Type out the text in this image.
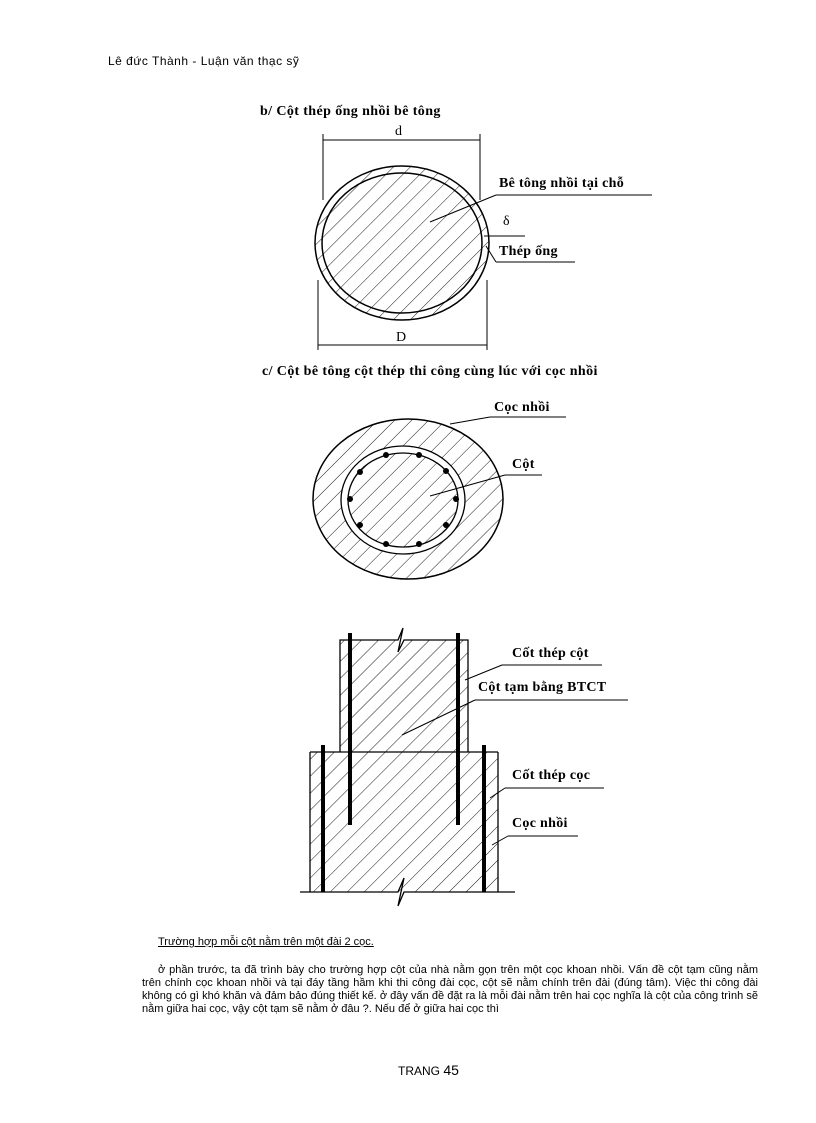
Lê đức Thành - Luận văn thạc sỹ
b/ Cột thép ống nhồi bê tông
d
D
δ
Bê tông nhồi tại chỗ
Thép ống
c/ Cột bê tông cột thép thi công cùng lúc với cọc nhồi
Cọc nhồi
Cột
Cốt thép cột
Cột tạm bằng BTCT
Cốt thép cọc
Cọc nhồi
Trường hợp mỗi cột nằm trên một đài 2 cọc.
ở phần trước, ta đã trình bày cho trường hợp cột của nhà nằm gọn trên một cọc khoan nhồi. Vấn đề cột tạm cũng nằm trên chính cọc khoan nhồi và tại đáy tầng hầm khi thi công đài cọc, cột sẽ nằm chính trên đài (đúng tâm). Việc thi công đài không có gì khó khăn và đảm bảo đúng thiết kế. ở đây vấn đề đặt ra là mỗi đài nằm trên hai cọc nghĩa là cột của công trình sẽ nằm giữa hai cọc, vậy cột tạm sẽ nằm ở đâu ?. Nếu để ở giữa hai cọc thì
TRANG 45
